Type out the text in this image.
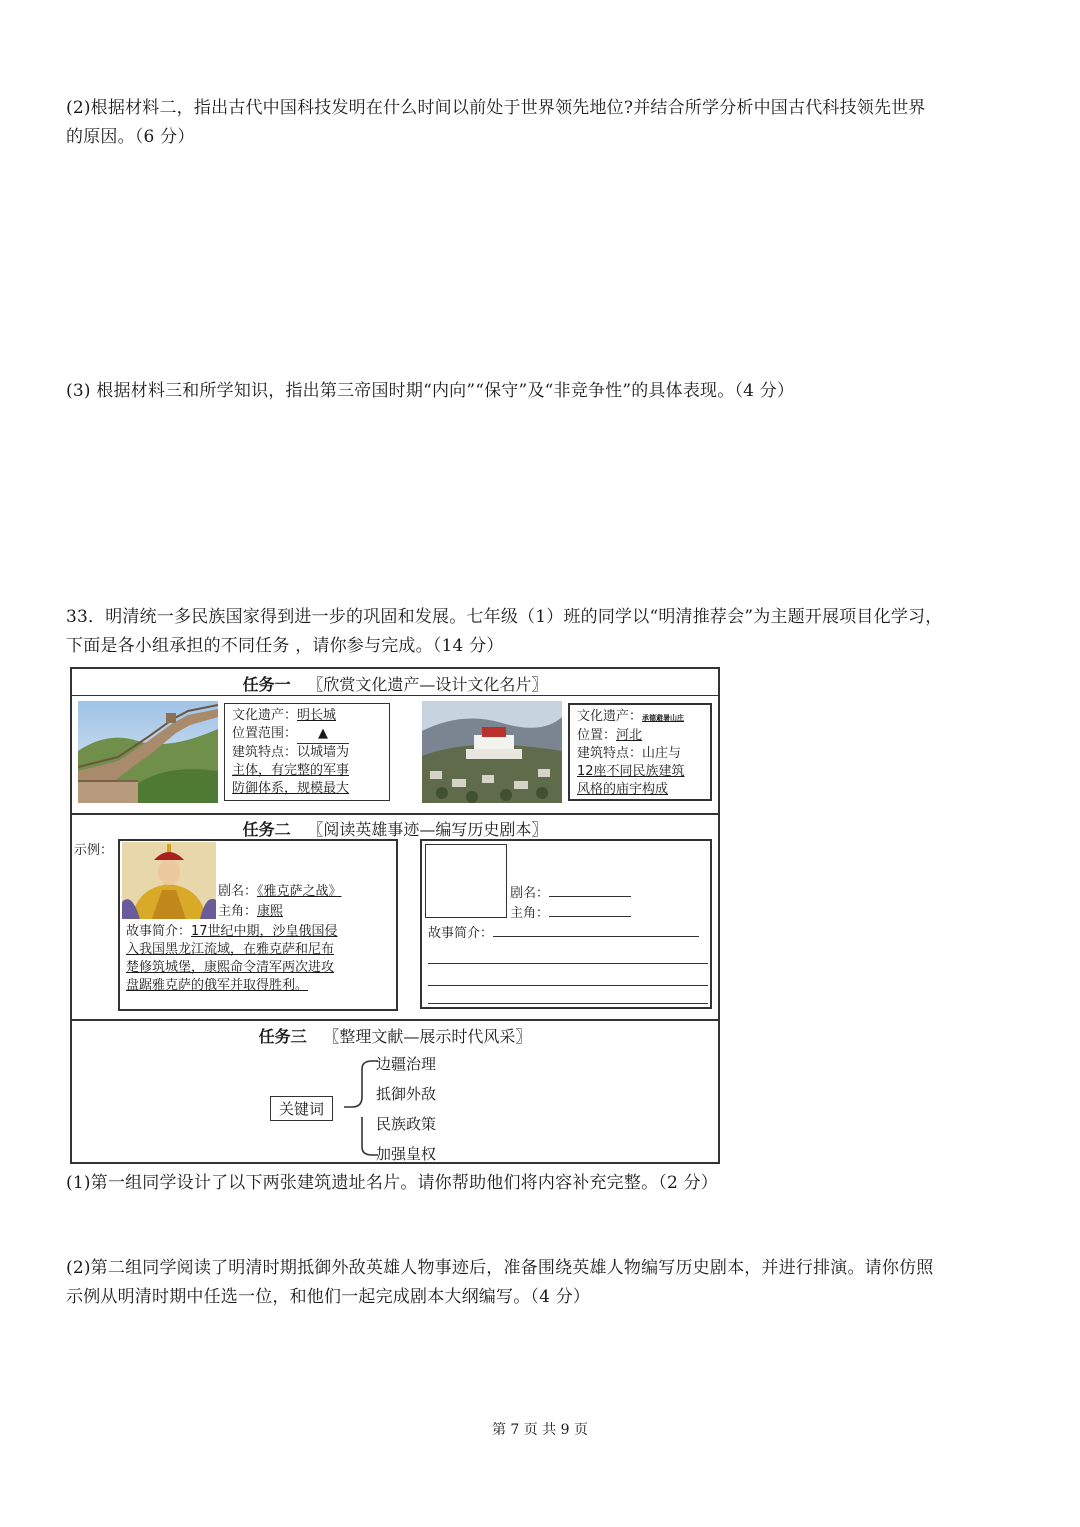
(2)根据材料二，指出古代中国科技发明在什么时间以前处于世界领先地位?并结合所学分析中国古代科技领先世界
的原因。（6 分）
(3) 根据材料三和所学知识，指出第三帝国时期“内向”“保守”及“非竞争性”的具体表现。（4 分）
33．明清统一多民族国家得到进一步的巩固和发展。七年级（1）班的同学以“明清推荐会”为主题开展项目化学习，
下面是各小组承担的不同任务 ，请你参与完成。（14 分）
任务一 〖欣赏文化遗产—设计文化名片〗
文化遗产：明长城
位置范围： ▲
建筑特点：以城墙为
主体，有完整的军事
防御体系，规模最大
文化遗产：承德避暑山庄
位置：河北
建筑特点：山庄与
12座不同民族建筑
风格的庙宇构成
任务二 〖阅读英雄事迹—编写历史剧本〗
示例：
剧名：《雅克萨之战》
主角：康熙
故事简介：17世纪中期，沙皇俄国侵
入我国黑龙江流域，在雅克萨和尼布
楚修筑城堡，康熙命令清军两次进攻
盘踞雅克萨的俄军并取得胜利。
剧名：
主角：
故事简介：
任务三 〖整理文献—展示时代风采〗
关键词
边疆治理
抵御外敌
民族政策
加强皇权
(1)第一组同学设计了以下两张建筑遗址名片。请你帮助他们将内容补充完整。（2 分）
(2)第二组同学阅读了明清时期抵御外敌英雄人物事迹后，准备围绕英雄人物编写历史剧本，并进行排演。请你仿照
示例从明清时期中任选一位，和他们一起完成剧本大纲编写。（4 分）
第 7 页 共 9 页
